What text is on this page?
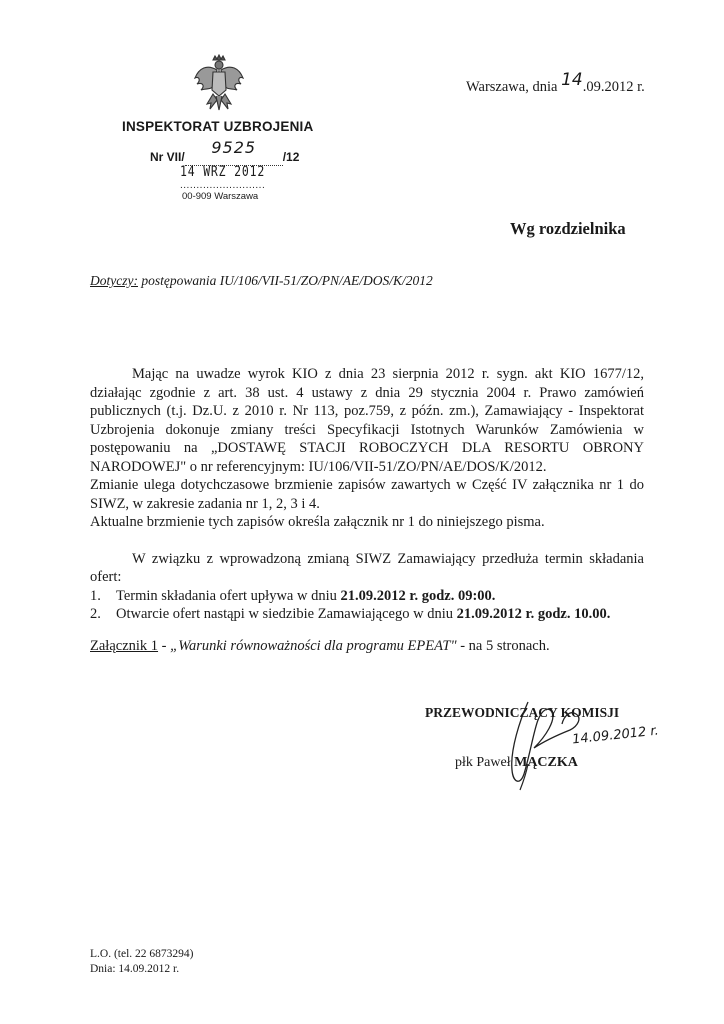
Warszawa, dnia 14.09.2012 r.
INSPEKTORAT UZBROJENIA
Nr VII/ 9525 /12
14 WRZ 2012
..........................
00-909 Warszawa
Wg rozdzielnika
Dotyczy: postępowania IU/106/VII-51/ZO/PN/AE/DOS/K/2012

Mając na uwadze wyrok KIO z dnia 23 sierpnia 2012 r. sygn. akt KIO 1677/12, działając zgodnie z art. 38 ust. 4 ustawy z dnia 29 stycznia 2004 r. Prawo zamówień publicznych (t.j. Dz.U. z 2010 r. Nr 113, poz.759, z późn. zm.), Zamawiający - Inspektorat Uzbrojenia dokonuje zmiany treści Specyfikacji Istotnych Warunków Zamówienia w postępowaniu na „DOSTAWĘ STACJI ROBOCZYCH DLA RESORTU OBRONY NARODOWEJ" o nr referencyjnym: IU/106/VII-51/ZO/PN/AE/DOS/K/2012.

Zmianie ulega dotychczasowe brzmienie zapisów zawartych w Część IV załącznika nr 1 do SIWZ, w zakresie zadania nr 1, 2, 3 i 4.

Aktualne brzmienie tych zapisów określa załącznik nr 1 do niniejszego pisma.

W związku z wprowadzoną zmianą SIWZ Zamawiający przedłuża termin składania ofert:

1. Termin składania ofert upływa w dniu 21.09.2012 r. godz. 09:00.
2. Otwarcie ofert nastąpi w siedzibie Zamawiającego w dniu 21.09.2012 r. godz. 10.00.
Załącznik 1 - „Warunki równoważności dla programu EPEAT" - na 5 stronach.
PRZEWODNICZĄCY KOMISJI
płk Paweł MĄCZKA
14.09.2012 r.
L.O. (tel. 22 6873294)
Dnia: 14.09.2012 r.
